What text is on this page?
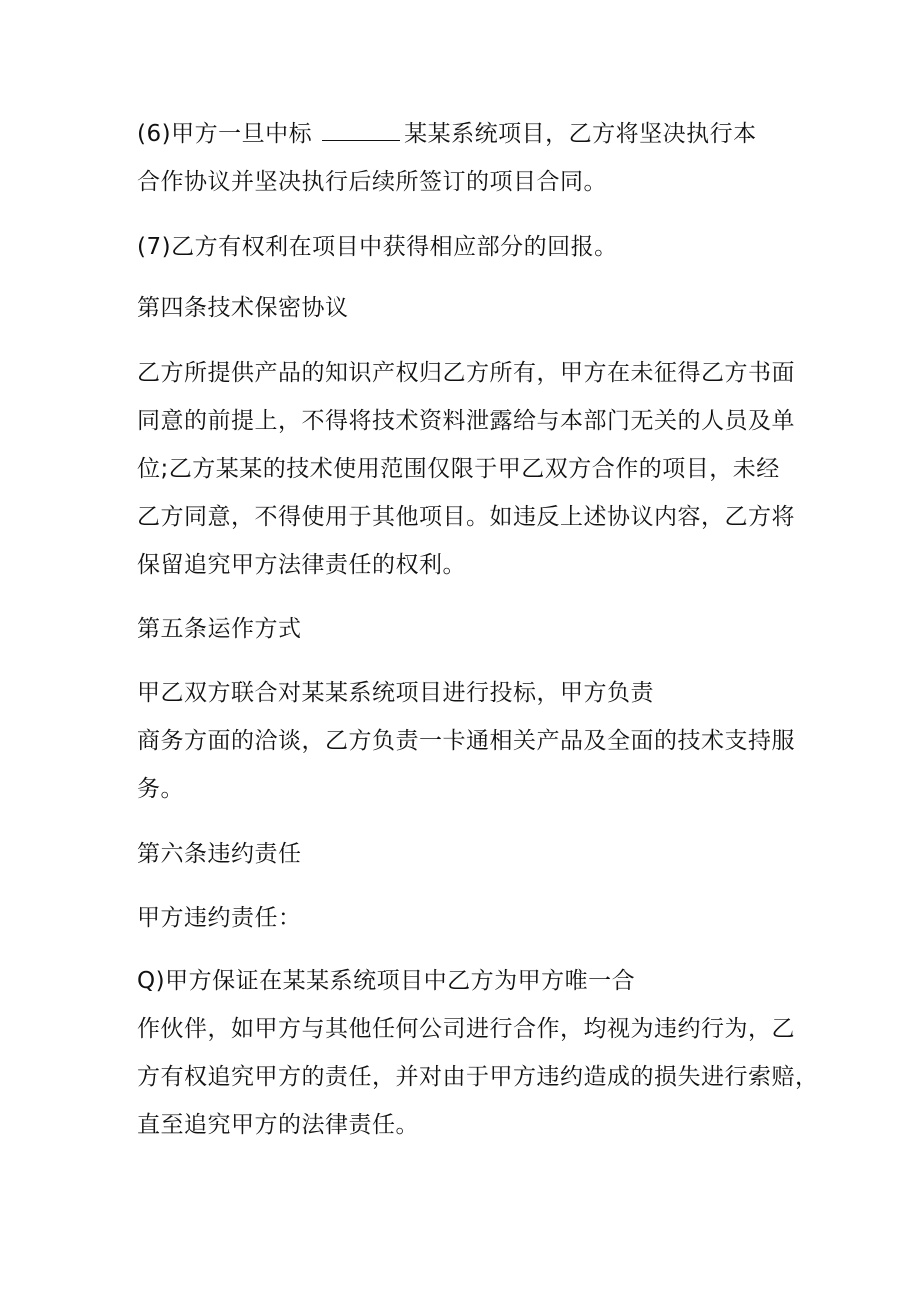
(6)甲方一旦中标	某某系统项目，乙方将坚决执行本
合作协议并坚决执行后续所签订的项目合同。
(7)乙方有权利在项目中获得相应部分的回报。
第四条技术保密协议
乙方所提供产品的知识产权归乙方所有，甲方在未征得乙方书面
同意的前提上，不得将技术资料泄露给与本部门无关的人员及单
位;乙方某某的技术使用范围仅限于甲乙双方合作的项目，未经
乙方同意，不得使用于其他项目。如违反上述协议内容，乙方将
保留追究甲方法律责任的权利。
第五条运作方式
甲乙双方联合对某某系统项目进行投标，甲方负责
商务方面的洽谈，乙方负责一卡通相关产品及全面的技术支持服
务。
第六条违约责任
甲方违约责任：
Q)甲方保证在某某系统项目中乙方为甲方唯一合
作伙伴，如甲方与其他任何公司进行合作，均视为违约行为，乙
方有权追究甲方的责任，并对由于甲方违约造成的损失进行索赔，
直至追究甲方的法律责任。
